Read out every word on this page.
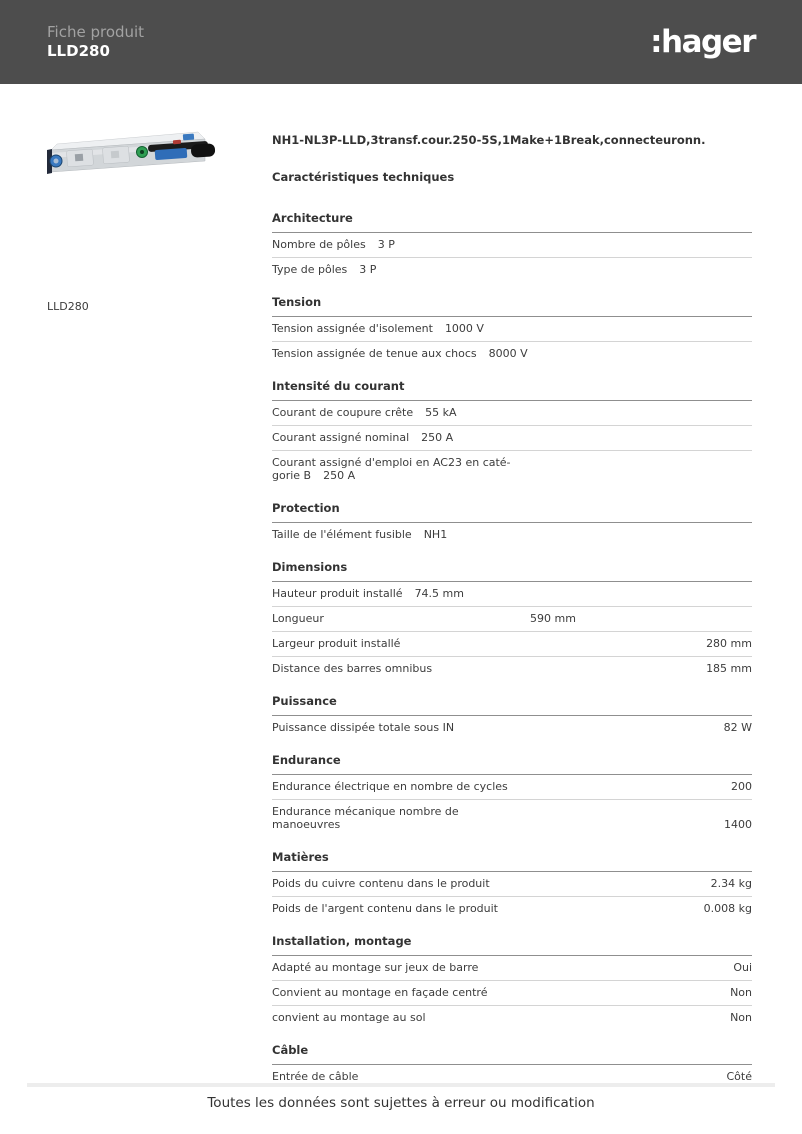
Fiche produit
LLD280	:hager
LLD280
NH1-NL3P-LLD,3transf.cour.250-5S,1Make+1Break,connecteuronn.
Caractéristiques techniques
Architecture
Nombre de pôles 3 P
Type de pôles 3 P
Tension
Tension assignée d'isolement 1000 V
Tension assignée de tenue aux chocs 8000 V
Intensité du courant
Courant de coupure crête 55 kA
Courant assigné nominal 250 A
Courant assigné d'emploi en AC23 en caté-
gorie B 250 A
Protection
Taille de l'élément fusible NH1
Dimensions
Hauteur produit installé 74.5 mm
Longueur	590 mm
Largeur produit installé	280 mm
Distance des barres omnibus	185 mm
Puissance
Puissance dissipée totale sous IN	82 W
Endurance
Endurance électrique en nombre de cycles	200
Endurance mécanique nombre de
manoeuvres	1400
Matières
Poids du cuivre contenu dans le produit	2.34 kg
Poids de l'argent contenu dans le produit	0.008 kg
Installation, montage
Adapté au montage sur jeux de barre	Oui
Convient au montage en façade centré	Non
convient au montage au sol	Non
Câble
Entrée de câble	Côté
Toutes les données sont sujettes à erreur ou modification
